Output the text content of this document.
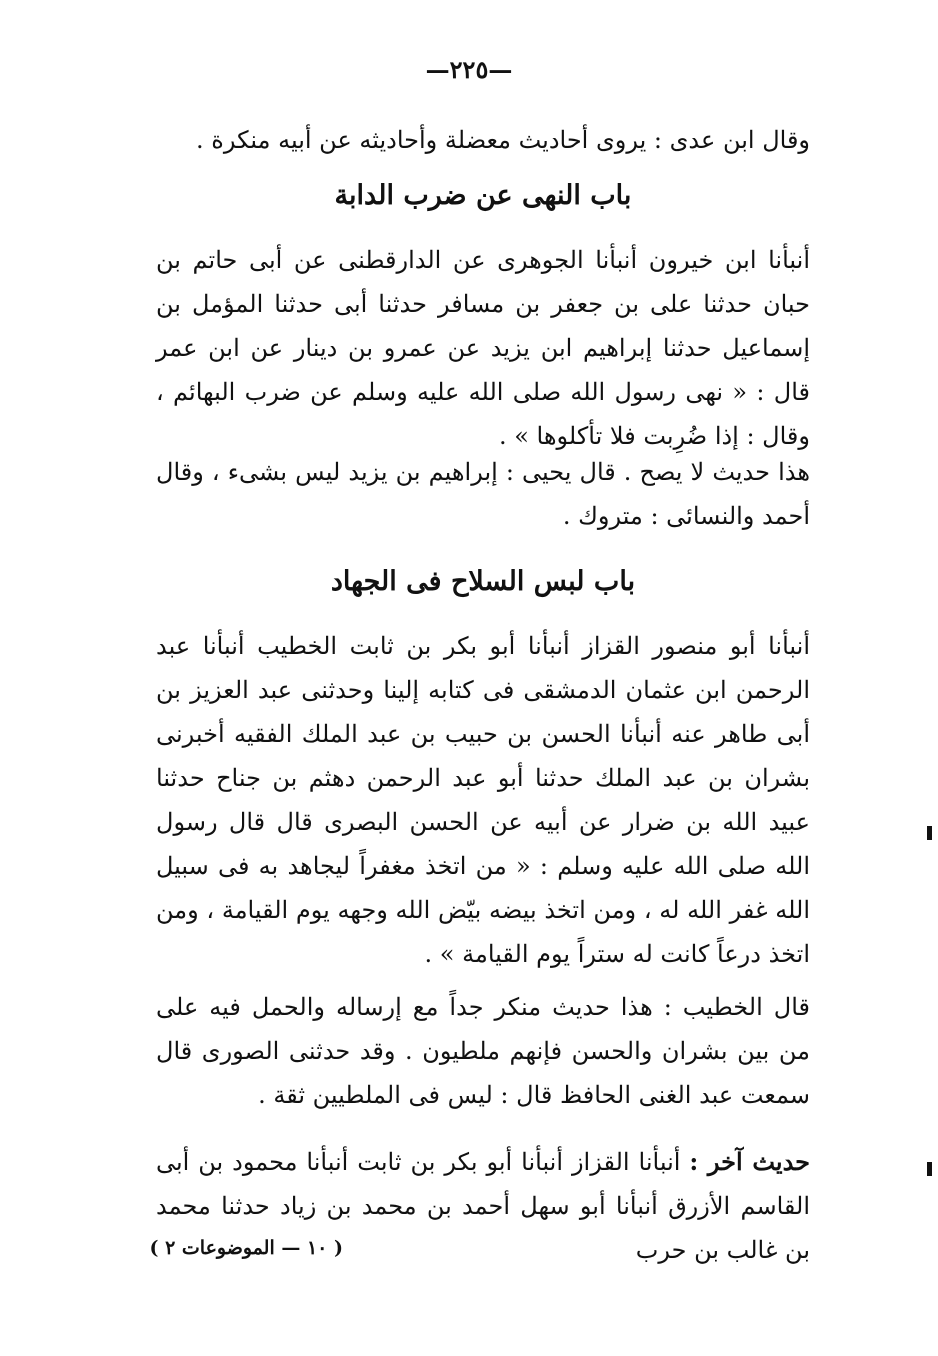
—٢٢٥—
وقال ابن عدى : يروى أحاديث معضلة وأحاديثه عن أبيه منكرة .
باب النهى عن ضرب الدابة
أنبأنا ابن خيرون أنبأنا الجوهرى عن الدارقطنى عن أبى حاتم بن حبان حدثنا على بن جعفر بن مسافر حدثنا أبى حدثنا المؤمل بن إسماعيل حدثنا إبراهيم ابن يزيد عن عمرو بن دينار عن ابن عمر قال : « نهى رسول الله صلى الله عليه وسلم عن ضرب البهائم ، وقال : إذا ضُرِبت فلا تأكلوها » .
هذا حديث لا يصح . قال يحيى : إبراهيم بن يزيد ليس بشىء ، وقال أحمد والنسائى : متروك .
باب لبس السلاح فى الجهاد
أنبأنا أبو منصور القزاز أنبأنا أبو بكر بن ثابت الخطيب أنبأنا عبد الرحمن ابن عثمان الدمشقى فى كتابه إلينا وحدثنى عبد العزيز بن أبى طاهر عنه أنبأنا الحسن بن حبيب بن عبد الملك الفقيه أخبرنى بشران بن عبد الملك حدثنا أبو عبد الرحمن دهثم بن جناح حدثنا عبيد الله بن ضرار عن أبيه عن الحسن البصرى قال قال رسول الله صلى الله عليه وسلم : « من اتخذ مغفراً ليجاهد به فى سبيل الله غفر الله له ، ومن اتخذ بيضه بيّض الله وجهه يوم القيامة ، ومن اتخذ درعاً كانت له ستراً يوم القيامة » .
قال الخطيب : هذا حديث منكر جداً مع إرساله والحمل فيه على من بين بشران والحسن فإنهم ملطيون . وقد حدثنى الصورى قال سمعت عبد الغنى الحافظ قال : ليس فى الملطيين ثقة .
حديث آخر : أنبأنا القزاز أنبأنا أبو بكر بن ثابت أنبأنا محمود بن أبى القاسم الأزرق أنبأنا أبو سهل أحمد بن محمد بن زياد حدثنا محمد بن غالب بن حرب
( ١٠ — الموضوعات ٢ )
